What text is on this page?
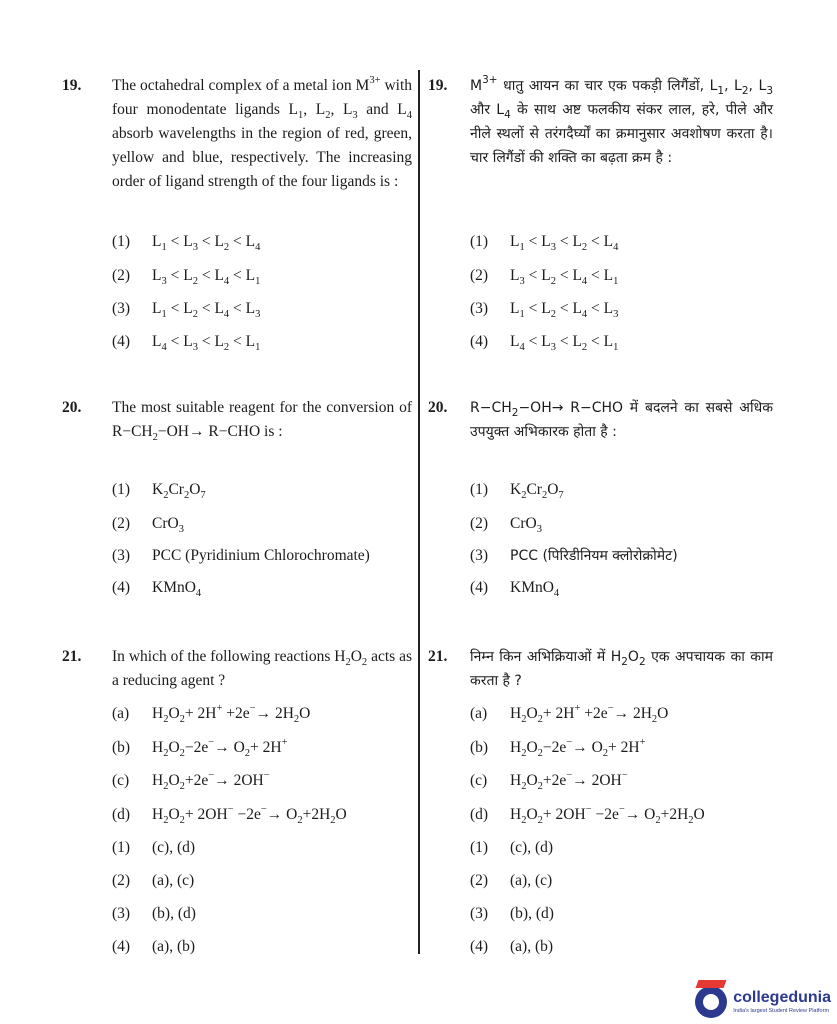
19.	The octahedral complex of a metal ion $M^{3+}$ with four monodentate ligands $L_1$, $L_2$, $L_3$ and $L_4$ absorb wavelengths in the region of red, green, yellow and blue, respectively. The increasing order of ligand strength of the four ligands is :
19.	$M^{3+}$ धातु आयन का चार एक पकड़ी लिगैंडों, $L_1$, $L_2$, $L_3$ और $L_4$ के साथ अष्ट फलकीय संकर लाल, हरे, पीले और नीले स्थलों से तरंगदैर्घ्यों का क्रमानुसार अवशोषण करता है। चार लिगैंडों की शक्ति का बढ़ता क्रम है :
(1) $L_1 < L_3 < L_2 < L_4$
(2) $L_3 < L_2 < L_4 < L_1$
(3) $L_1 < L_2 < L_4 < L_3$
(4) $L_4 < L_3 < L_2 < L_1$
(1) $L_1 < L_3 < L_2 < L_4$
(2) $L_3 < L_2 < L_4 < L_1$
(3) $L_1 < L_2 < L_4 < L_3$
(4) $L_4 < L_3 < L_2 < L_1$
20.	The most suitable reagent for the conversion of $R-CH_2-OH\to R-CHO$ is :
(1) $K_2Cr_2O_7$
(2) CrO$_3$
(3) PCC (Pyridinium Chlorochromate)
(4) KMnO$_4$
20.	$R-CH_2-OH\to R-CHO$ में बदलने का सबसे अधिक उपयुक्त अभिकारक होता है :
(1) $K_2Cr_2O_7$
(2) CrO$_3$
(3) PCC (पिरिडीनियम क्लोरोक्रोमेट)
(4) KMnO$_4$
21.	In which of the following reactions $H_2O_2$ acts as a reducing agent ?
21.	निम्न किन अभिक्रियाओं में $H_2O_2$ एक अपचायक का काम करता है ?
(a) $H_2O_2+ 2H^+ +2e^-\to 2H_2O$
(b) $H_2O_2-2e^-\to O_2+ 2H^+$
(c) $H_2O_2+2e^-\to 2OH^-$
(d) $H_2O_2+ 2OH^- -2e^-\to O_2+2H_2O$
(1) (c), (d)
(2) (a), (c)
(3) (b), (d)
(4) (a), (b)
(a) $H_2O_2+ 2H^+ +2e^-\to 2H_2O$
(b) $H_2O_2-2e^-\to O_2+ 2H^+$
(c) $H_2O_2+2e^-\to 2OH^-$
(d) $H_2O_2+ 2OH^- -2e^-\to O_2+2H_2O$
(1) (c), (d)
(2) (a), (c)
(3) (b), (d)
(4) (a), (b)
collegedunia
India's largest Student Review Platform
